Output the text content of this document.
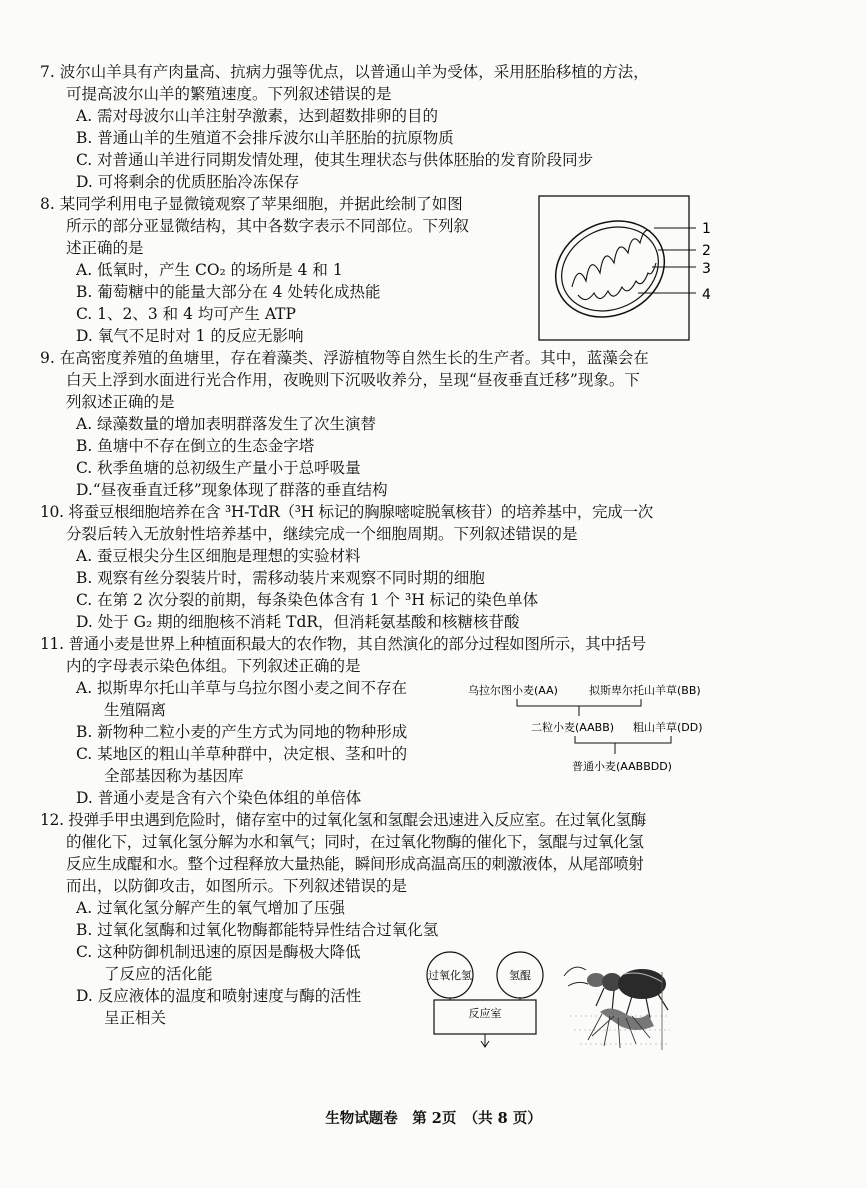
7. 波尔山羊具有产肉量高、抗病力强等优点，以普通山羊为受体，采用胚胎移植的方法，
可提高波尔山羊的繁殖速度。下列叙述错误的是
A. 需对母波尔山羊注射孕激素，达到超数排卵的目的
B. 普通山羊的生殖道不会排斥波尔山羊胚胎的抗原物质
C. 对普通山羊进行同期发情处理，使其生理状态与供体胚胎的发育阶段同步
D. 可将剩余的优质胚胎冷冻保存
8. 某同学利用电子显微镜观察了苹果细胞，并据此绘制了如图
所示的部分亚显微结构，其中各数字表示不同部位。下列叙
述正确的是
A. 低氧时，产生 CO₂ 的场所是 4 和 1
B. 葡萄糖中的能量大部分在 4 处转化成热能
C. 1、2、3 和 4 均可产生 ATP
D. 氧气不足时对 1 的反应无影响
1
2
3
4
9. 在高密度养殖的鱼塘里，存在着藻类、浮游植物等自然生长的生产者。其中，蓝藻会在
白天上浮到水面进行光合作用，夜晚则下沉吸收养分，呈现“昼夜垂直迁移”现象。下
列叙述正确的是
A. 绿藻数量的增加表明群落发生了次生演替
B. 鱼塘中不存在倒立的生态金字塔
C. 秋季鱼塘的总初级生产量小于总呼吸量
D.“昼夜垂直迁移”现象体现了群落的垂直结构
10. 将蚕豆根细胞培养在含 ³H-TdR（³H 标记的胸腺嘧啶脱氧核苷）的培养基中，完成一次
分裂后转入无放射性培养基中，继续完成一个细胞周期。下列叙述错误的是
A. 蚕豆根尖分生区细胞是理想的实验材料
B. 观察有丝分裂装片时，需移动装片来观察不同时期的细胞
C. 在第 2 次分裂的前期，每条染色体含有 1 个 ³H 标记的染色单体
D. 处于 G₂ 期的细胞核不消耗 TdR，但消耗氨基酸和核糖核苷酸
11. 普通小麦是世界上种植面积最大的农作物，其自然演化的部分过程如图所示，其中括号
内的字母表示染色体组。下列叙述正确的是
A. 拟斯卑尔托山羊草与乌拉尔图小麦之间不存在
生殖隔离
B. 新物种二粒小麦的产生方式为同地的物种形成
C. 某地区的粗山羊草种群中，决定根、茎和叶的
全部基因称为基因库
D. 普通小麦是含有六个染色体组的单倍体
乌拉尔图小麦(AA)	拟斯卑尔托山羊草(BB)
二粒小麦(AABB) 粗山羊草(DD)
普通小麦(AABBDD)
12. 投弹手甲虫遇到危险时，储存室中的过氧化氢和氢醌会迅速进入反应室。在过氧化氢酶
的催化下，过氧化氢分解为水和氧气；同时，在过氧化物酶的催化下，氢醌与过氧化氢
反应生成醌和水。整个过程释放大量热能，瞬间形成高温高压的刺激液体，从尾部喷射
而出，以防御攻击，如图所示。下列叙述错误的是
A. 过氧化氢分解产生的氧气增加了压强
B. 过氧化氢酶和过氧化物酶都能特异性结合过氧化氢
C. 这种防御机制迅速的原因是酶极大降低
了反应的活化能
D. 反应液体的温度和喷射速度与酶的活性
呈正相关
过氧化氢	氢醌
反应室
生物试题卷　第 2页　（共 8 页）
